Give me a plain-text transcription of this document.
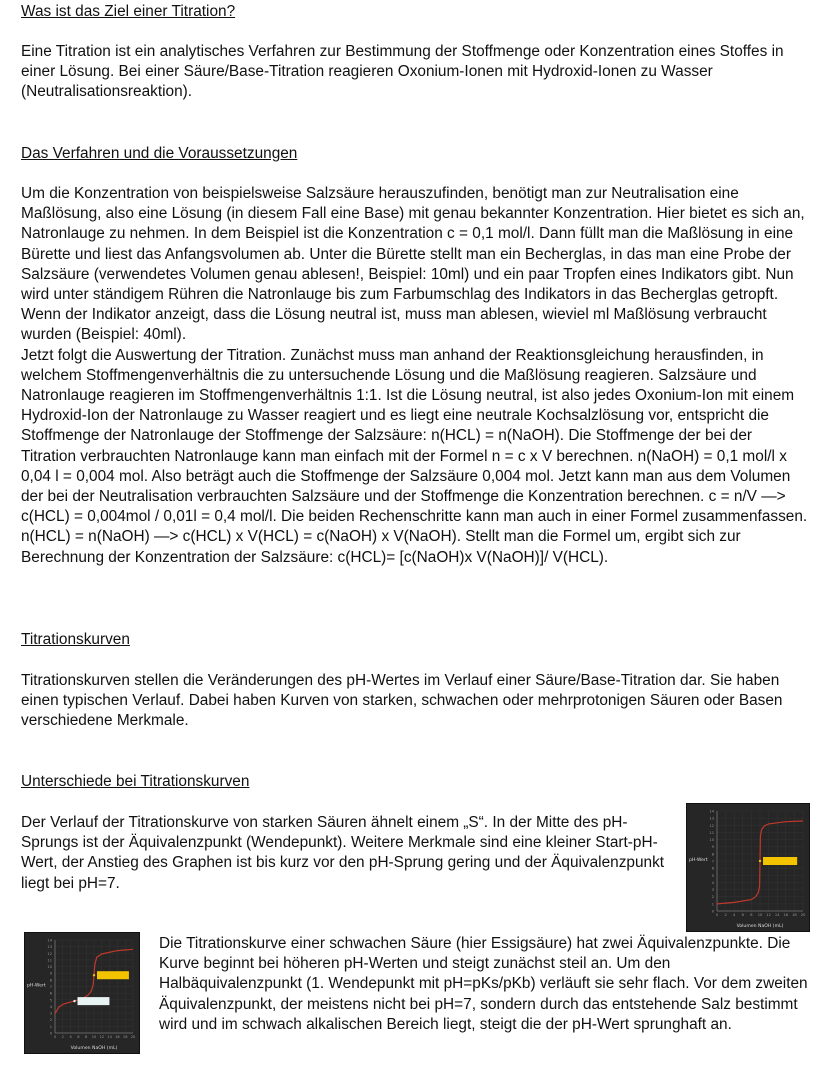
Was ist das Ziel einer Titration?

Eine Titration ist ein analytisches Verfahren zur Bestimmung der Stoffmenge oder Konzentration eines Stoffes in einer Lösung. Bei einer Säure/Base-Titration reagieren Oxonium-Ionen mit Hydroxid-Ionen zu Wasser (Neutralisationsreaktion).

Das Verfahren und die Voraussetzungen

Um die Konzentration von beispielsweise Salzsäure herauszufinden, benötigt man zur Neutralisation eine Maßlösung, also eine Lösung (in diesem Fall eine Base) mit genau bekannter Konzentration. Hier bietet es sich an, Natronlauge zu nehmen. In dem Beispiel ist die Konzentration c = 0,1 mol/l. Dann füllt man die Maßlösung in eine Bürette und liest das Anfangsvolumen ab. Unter die Bürette stellt man ein Becherglas, in das man eine Probe der Salzsäure (verwendetes Volumen genau ablesen!, Beispiel: 10ml) und ein paar Tropfen eines Indikators gibt. Nun wird unter ständigem Rühren die Natronlauge bis zum Farbumschlag des Indikators in das Becherglas getropft. Wenn der Indikator anzeigt, dass die Lösung neutral ist, muss man ablesen, wieviel ml Maßlösung verbraucht wurden (Beispiel: 40ml).

Jetzt folgt die Auswertung der Titration. Zunächst muss man anhand der Reaktionsgleichung herausfinden, in welchem Stoffmengenverhältnis die zu untersuchende Lösung und die Maßlösung reagieren. Salzsäure und Natronlauge reagieren im Stoffmengenverhältnis 1:1. Ist die Lösung neutral, ist also jedes Oxonium-Ion mit einem Hydroxid-Ion der Natronlauge zu Wasser reagiert und es liegt eine neutrale Kochsalzlösung vor, entspricht die Stoffmenge der Natronlauge der Stoffmenge der Salzsäure: n(HCL) = n(NaOH). Die Stoffmenge der bei der Titration verbrauchten Natronlauge kann man einfach mit der Formel n = c x V berechnen. n(NaOH) = 0,1 mol/l x 0,04 l = 0,004 mol. Also beträgt auch die Stoffmenge der Salzsäure 0,004 mol. Jetzt kann man aus dem Volumen der bei der Neutralisation verbrauchten Salzsäure und der Stoffmenge die Konzentration berechnen. c = n/V —> c(HCL) = 0,004mol / 0,01l = 0,4 mol/l. Die beiden Rechenschritte kann man auch in einer Formel zusammenfassen. n(HCL) = n(NaOH) —> c(HCL) x V(HCL) = c(NaOH) x V(NaOH). Stellt man die Formel um, ergibt sich zur Berechnung der Konzentration der Salzsäure: c(HCL)= [c(NaOH)x V(NaOH)]/ V(HCL).

Titrationskurven

Titrationskurven stellen die Veränderungen des pH-Wertes im Verlauf einer Säure/Base-Titration dar. Sie haben einen typischen Verlauf. Dabei haben Kurven von starken, schwachen oder mehrprotonigen Säuren oder Basen verschiedene Merkmale.

Unterschiede bei Titrationskurven

Der Verlauf der Titrationskurve von starken Säuren ähnelt einem „S“. In der Mitte des pH-Sprungs ist der Äquivalenzpunkt (Wendepunkt). Weitere Merkmale sind eine kleiner Start-pH-Wert, der Anstieg des Graphen ist bis kurz vor den pH-Sprung gering und der Äquivalenzpunkt liegt bei pH=7.

Die Titrationskurve einer schwachen Säure (hier Essigsäure) hat zwei Äquivalenzpunkte. Die Kurve beginnt bei höheren pH-Werten und steigt zunächst steil an. Um den Halbäquivalenzpunkt (1. Wendepunkt mit pH=pKs/pKb) verläuft sie sehr flach. Vor dem zweiten Äquivalenzpunkt, der meistens nicht bei pH=7, sondern durch das entstehende Salz bestimmt wird und im schwach alkalischen Bereich liegt, steigt die der pH-Wert sprunghaft an.

0
1
2
3
4
5
6
7
8
9
10
11
12
13
14
0 2 4 6 8 10 12 14 16 18 20
Volumen NaOH (mL)
pH-Wert
0
1
2
3
4
5
6
7
8
9
10
11
12
13
14
0 2 4 6 8 10 12 14 16 18 20
Volumen NaOH (mL)
pH-Wert
